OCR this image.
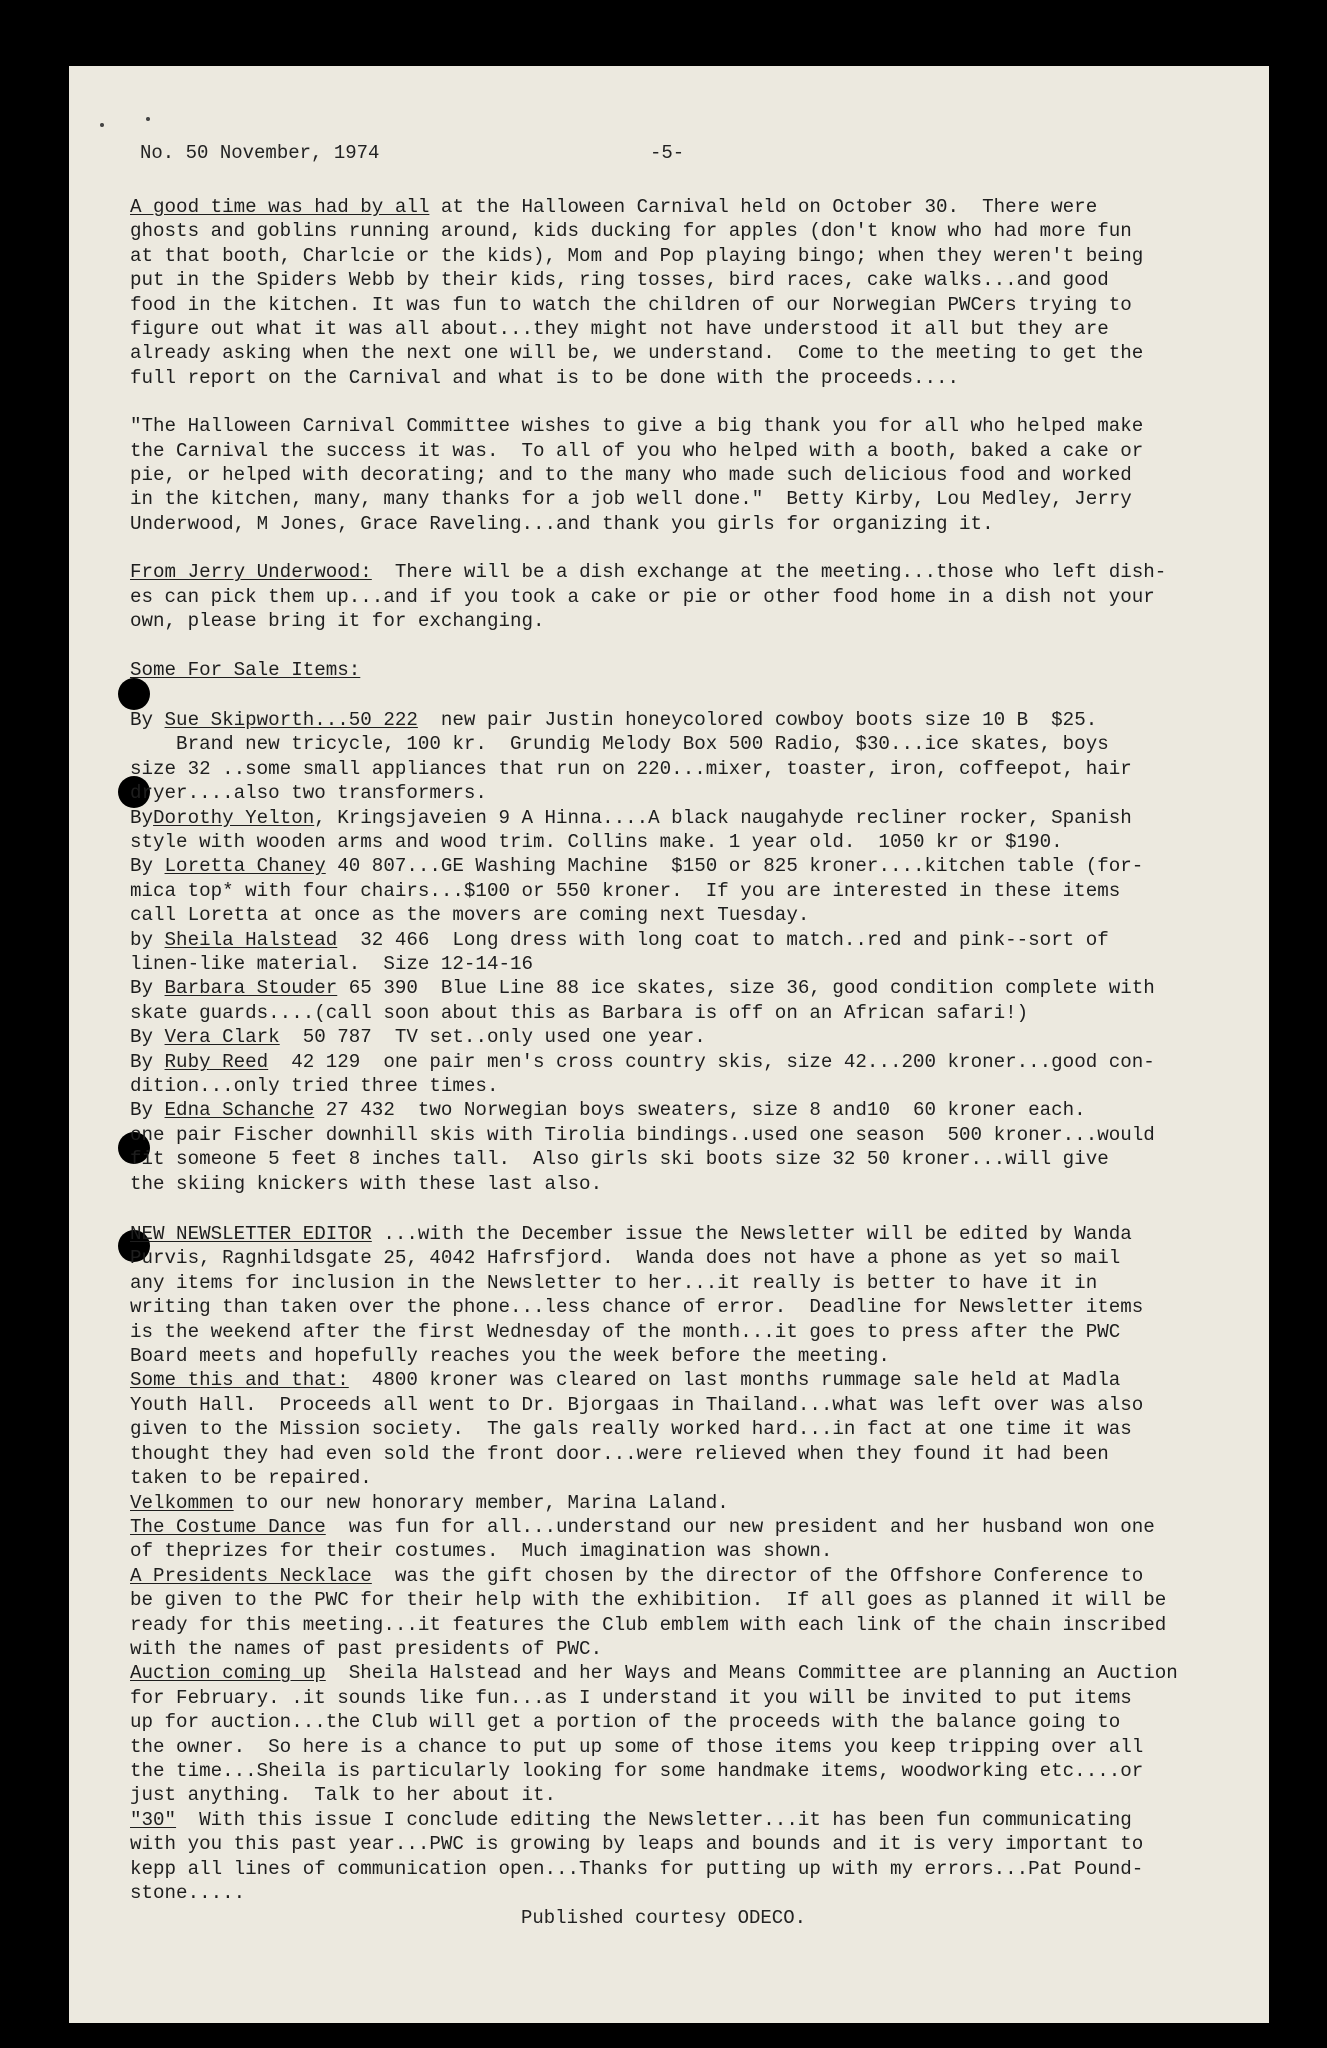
No. 50 November, 1974	-5-
A good time was had by all at the Halloween Carnival held on October 30.  There were
ghosts and goblins running around, kids ducking for apples (don't know who had more fun
at that booth, Charlcie or the kids), Mom and Pop playing bingo; when they weren't being
put in the Spiders Webb by their kids, ring tosses, bird races, cake walks...and good
food in the kitchen. It was fun to watch the children of our Norwegian PWCers trying to
figure out what it was all about...they might not have understood it all but they are
already asking when the next one will be, we understand.  Come to the meeting to get the
full report on the Carnival and what is to be done with the proceeds....
"The Halloween Carnival Committee wishes to give a big thank you for all who helped make
the Carnival the success it was.  To all of you who helped with a booth, baked a cake or
pie, or helped with decorating; and to the many who made such delicious food and worked
in the kitchen, many, many thanks for a job well done."  Betty Kirby, Lou Medley, Jerry
Underwood, M Jones, Grace Raveling...and thank you girls for organizing it.
From Jerry Underwood:  There will be a dish exchange at the meeting...those who left dish-
es can pick them up...and if you took a cake or pie or other food home in a dish not your
own, please bring it for exchanging.
Some For Sale Items:
By Sue Skipworth...50 222  new pair Justin honeycolored cowboy boots size 10 B  $25.
Brand new tricycle, 100 kr.  Grundig Melody Box 500 Radio, $30...ice skates, boys
size 32 ..some small appliances that run on 220...mixer, toaster, iron, coffeepot, hair
dryer....also two transformers.
ByDorothy Yelton, Kringsjaveien 9 A Hinna....A black naugahyde recliner rocker, Spanish
style with wooden arms and wood trim. Collins make. 1 year old.  1050 kr or $190.
By Loretta Chaney 40 807...GE Washing Machine  $150 or 825 kroner....kitchen table (for-
mica top* with four chairs...$100 or 550 kroner.  If you are interested in these items
call Loretta at once as the movers are coming next Tuesday.
by Sheila Halstead  32 466  Long dress with long coat to match..red and pink--sort of
linen-like material.  Size 12-14-16
By Barbara Stouder 65 390  Blue Line 88 ice skates, size 36, good condition complete with
skate guards....(call soon about this as Barbara is off on an African safari!)
By Vera Clark  50 787  TV set..only used one year.
By Ruby Reed  42 129  one pair men's cross country skis, size 42...200 kroner...good con-
dition...only tried three times.
By Edna Schanche 27 432  two Norwegian boys sweaters, size 8 and10  60 kroner each.
one pair Fischer downhill skis with Tirolia bindings..used one season  500 kroner...would
fit someone 5 feet 8 inches tall.  Also girls ski boots size 32 50 kroner...will give
the skiing knickers with these last also.
NEW NEWSLETTER EDITOR ...with the December issue the Newsletter will be edited by Wanda
Purvis, Ragnhildsgate 25, 4042 Hafrsfjord.  Wanda does not have a phone as yet so mail
any items for inclusion in the Newsletter to her...it really is better to have it in
writing than taken over the phone...less chance of error.  Deadline for Newsletter items
is the weekend after the first Wednesday of the month...it goes to press after the PWC
Board meets and hopefully reaches you the week before the meeting.
Some this and that:  4800 kroner was cleared on last months rummage sale held at Madla
Youth Hall.  Proceeds all went to Dr. Bjorgaas in Thailand...what was left over was also
given to the Mission society.  The gals really worked hard...in fact at one time it was
thought they had even sold the front door...were relieved when they found it had been
taken to be repaired.
Velkommen to our new honorary member, Marina Laland.
The Costume Dance  was fun for all...understand our new president and her husband won one
of theprizes for their costumes.  Much imagination was shown.
A Presidents Necklace  was the gift chosen by the director of the Offshore Conference to
be given to the PWC for their help with the exhibition.  If all goes as planned it will be
ready for this meeting...it features the Club emblem with each link of the chain inscribed
with the names of past presidents of PWC.
Auction coming up  Sheila Halstead and her Ways and Means Committee are planning an Auction
for February. .it sounds like fun...as I understand it you will be invited to put items
up for auction...the Club will get a portion of the proceeds with the balance going to
the owner.  So here is a chance to put up some of those items you keep tripping over all
the time...Sheila is particularly looking for some handmake items, woodworking etc....or
just anything.  Talk to her about it.
"30"  With this issue I conclude editing the Newsletter...it has been fun communicating
with you this past year...PWC is growing by leaps and bounds and it is very important to
kepp all lines of communication open...Thanks for putting up with my errors...Pat Pound-
stone.....
Published courtesy ODECO.
